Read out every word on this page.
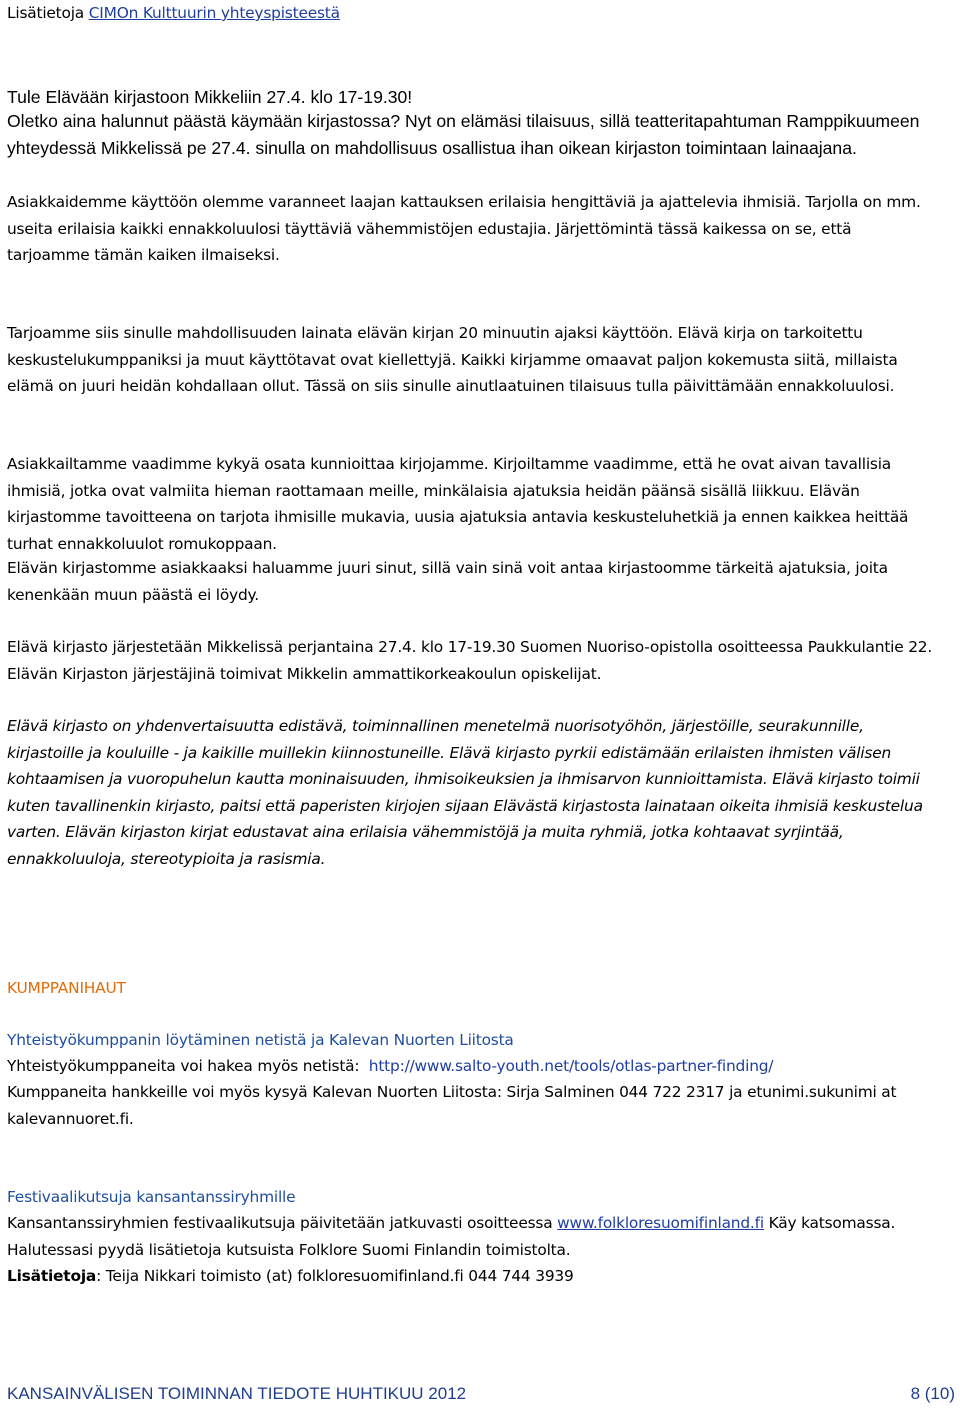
Lisätietoja CIMOn Kulttuurin yhteyspisteestä

Tule Elävään kirjastoon Mikkeliin 27.4. klo 17-19.30!

Oletko aina halunnut päästä käymään kirjastossa? Nyt on elämäsi tilaisuus, sillä teatteritapahtuman Ramppikuumeen yhteydessä Mikkelissä pe 27.4. sinulla on mahdollisuus osallistua ihan oikean kirjaston toimintaan lainaajana.

Asiakkaidemme käyttöön olemme varanneet laajan kattauksen erilaisia hengittäviä ja ajattelevia ihmisiä. Tarjolla on mm. useita erilaisia kaikki ennakkoluulosi täyttäviä vähemmistöjen edustajia. Järjettömintä tässä kaikessa on se, että tarjoamme tämän kaiken ilmaiseksi.

Tarjoamme siis sinulle mahdollisuuden lainata elävän kirjan 20 minuutin ajaksi käyttöön. Elävä kirja on tarkoitettu keskustelukumppaniksi ja muut käyttötavat ovat kiellettyjä. Kaikki kirjamme omaavat paljon kokemusta siitä, millaista elämä on juuri heidän kohdallaan ollut. Tässä on siis sinulle ainutlaatuinen tilaisuus tulla päivittämään ennakkoluulosi.

Asiakkailtamme vaadimme kykyä osata kunnioittaa kirjojamme. Kirjoiltamme vaadimme, että he ovat aivan tavallisia ihmisiä, jotka ovat valmiita hieman raottamaan meille, minkälaisia ajatuksia heidän päänsä sisällä liikkuu. Elävän kirjastomme tavoitteena on tarjota ihmisille mukavia, uusia ajatuksia antavia keskusteluhetkiä ja ennen kaikkea heittää turhat ennakkoluulot romukoppaan.

Elävän kirjastomme asiakkaaksi haluamme juuri sinut, sillä vain sinä voit antaa kirjastoomme tärkeitä ajatuksia, joita kenenkään muun päästä ei löydy.

Elävä kirjasto järjestetään Mikkelissä perjantaina 27.4. klo 17-19.30 Suomen Nuoriso-opistolla osoitteessa Paukkulantie 22. Elävän Kirjaston järjestäjinä toimivat Mikkelin ammattikorkeakoulun opiskelijat.

Elävä kirjasto on yhdenvertaisuutta edistävä, toiminnallinen menetelmä nuorisotyöhön, järjestöille, seurakunnille, kirjastoille ja kouluille - ja kaikille muillekin kiinnostuneille. Elävä kirjasto pyrkii edistämään erilaisten ihmisten välisen kohtaamisen ja vuoropuhelun kautta moninaisuuden, ihmisoikeuksien ja ihmisarvon kunnioittamista. Elävä kirjasto toimii kuten tavallinenkin kirjasto, paitsi että paperisten kirjojen sijaan Elävästä kirjastosta lainataan oikeita ihmisiä keskustelua varten. Elävän kirjaston kirjat edustavat aina erilaisia vähemmistöjä ja muita ryhmiä, jotka kohtaavat syrjintää, ennakkoluuloja, stereotypioita ja rasismia.

KUMPPANIHAUT

Yhteistyökumppanin löytäminen netistä ja Kalevan Nuorten Liitosta

Yhteistyökumppaneita voi hakea myös netistä: http://www.salto-youth.net/tools/otlas-partner-finding/

Kumppaneita hankkeille voi myös kysyä Kalevan Nuorten Liitosta: Sirja Salminen 044 722 2317 ja etunimi.sukunimi at kalevannuoret.fi.

Festivaalikutsuja kansantanssiryhmille

Kansantanssiryhmien festivaalikutsuja päivitetään jatkuvasti osoitteessa www.folkloresuomifinland.fi Käy katsomassa. Halutessasi pyydä lisätietoja kutsuista Folklore Suomi Finlandin toimistolta.

Lisätietoja: Teija Nikkari toimisto (at) folkloresuomifinland.fi 044 744 3939

KANSAINVÄLISEN TOIMINNAN TIEDOTE HUHTIKUU 2012	8 (10)
